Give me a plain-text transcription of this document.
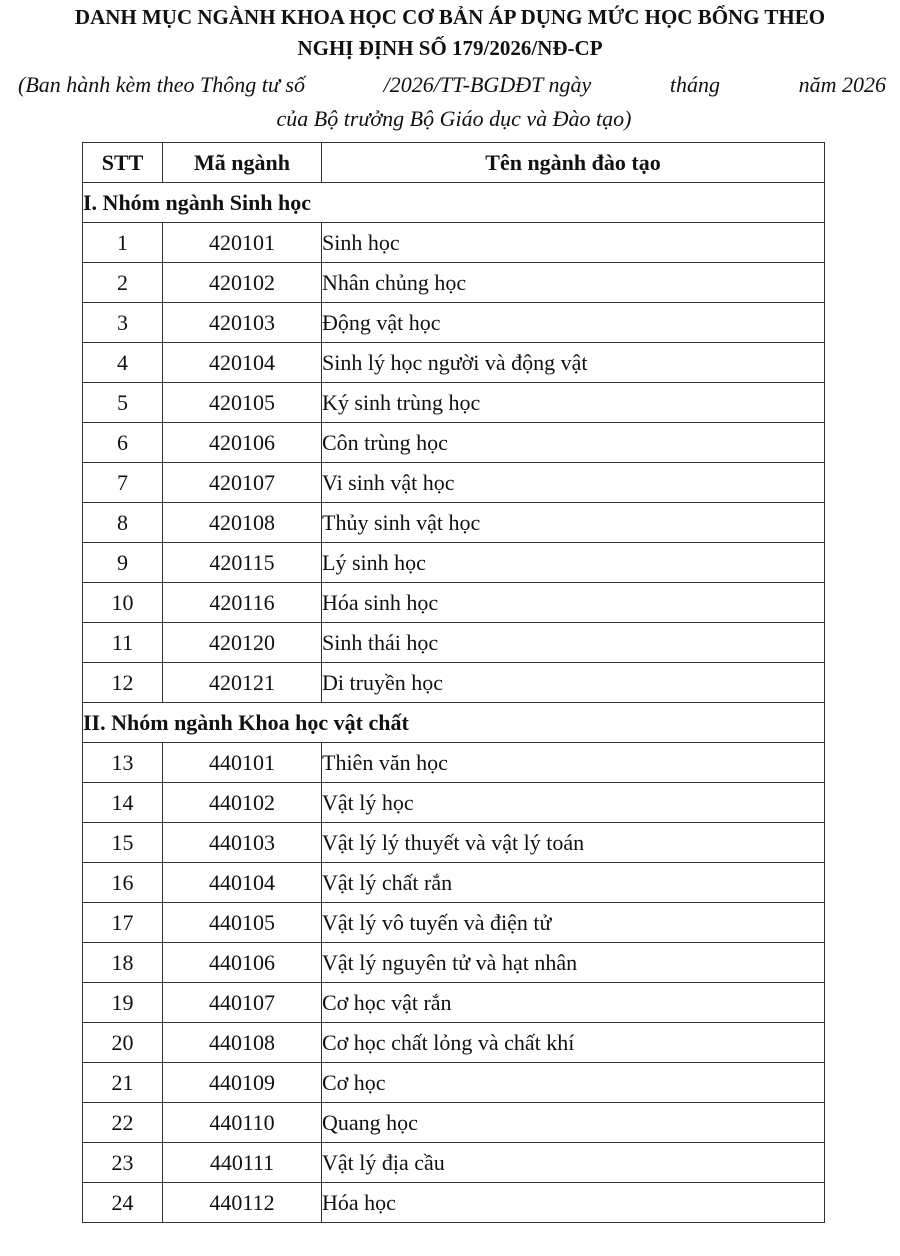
DANH MỤC NGÀNH KHOA HỌC CƠ BẢN ÁP DỤNG MỨC HỌC BỔNG THEO
NGHỊ ĐỊNH SỐ 179/2026/NĐ-CP
(Ban hành kèm theo Thông tư số	/2026/TT-BGDĐT ngày	tháng	năm 2026
của Bộ trưởng Bộ Giáo dục và Đào tạo)
STT	Mã ngành	Tên ngành đào tạo
I. Nhóm ngành Sinh học		
1	420101	Sinh học
2	420102	Nhân chủng học
3	420103	Động vật học
4	420104	Sinh lý học người và động vật
5	420105	Ký sinh trùng học
6	420106	Côn trùng học
7	420107	Vi sinh vật học
8	420108	Thủy sinh vật học
9	420115	Lý sinh học
10	420116	Hóa sinh học
11	420120	Sinh thái học
12	420121	Di truyền học
II. Nhóm ngành Khoa học vật chất		
13	440101	Thiên văn học
14	440102	Vật lý học
15	440103	Vật lý lý thuyết và vật lý toán
16	440104	Vật lý chất rắn
17	440105	Vật lý vô tuyến và điện tử
18	440106	Vật lý nguyên tử và hạt nhân
19	440107	Cơ học vật rắn
20	440108	Cơ học chất lỏng và chất khí
21	440109	Cơ học
22	440110	Quang học
23	440111	Vật lý địa cầu
24	440112	Hóa học
